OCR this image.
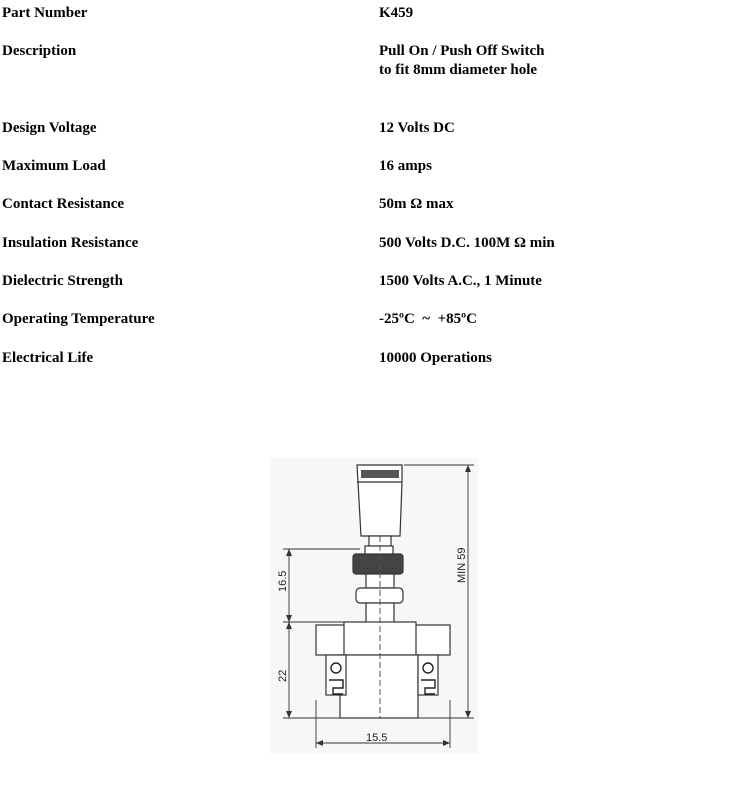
Part Number	K459
Description	Pull On / Push Off Switch
to fit 8mm diameter hole
Design Voltage	12 Volts DC
Maximum Load	16 amps
Contact Resistance	50m Ω max
Insulation Resistance	500 Volts D.C. 100M Ω min
Dielectric Strength	1500 Volts A.C., 1 Minute
Operating Temperature	-25ºC  ~  +85ºC
Electrical Life	10000 Operations
16.5
22
MIN 59
15.5
